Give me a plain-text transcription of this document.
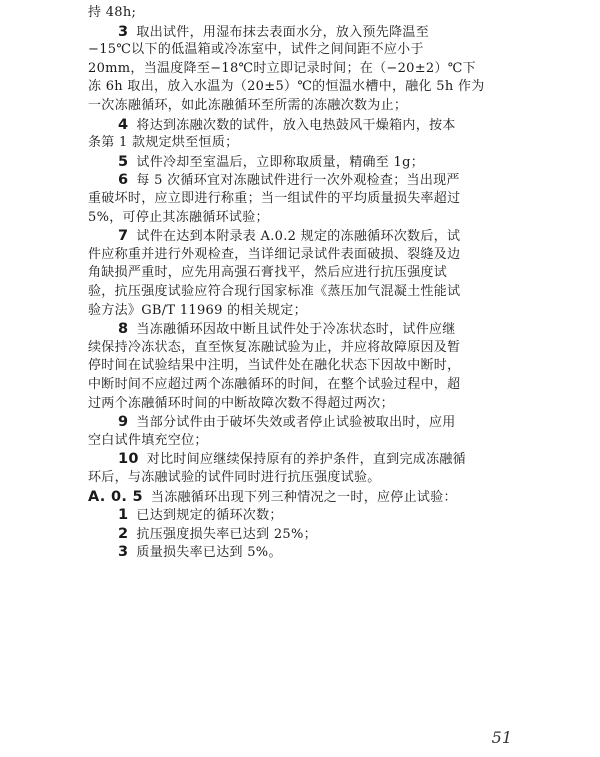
持 48h;
3 取出试件，用湿布抹去表面水分，放入预先降温至
−15℃以下的低温箱或冷冻室中，试件之间间距不应小于
20mm，当温度降至−18℃时立即记录时间；在（−20±2）℃下
冻 6h 取出，放入水温为（20±5）℃的恒温水槽中，融化 5h 作为
一次冻融循环，如此冻融循环至所需的冻融次数为止；
4 将达到冻融次数的试件，放入电热鼓风干燥箱内，按本
条第 1 款规定烘至恒质；
5 试件冷却至室温后，立即称取质量，精确至 1g；
6 每 5 次循环宜对冻融试件进行一次外观检查；当出现严
重破坏时，应立即进行称重；当一组试件的平均质量损失率超过
5%，可停止其冻融循环试验；
7 试件在达到本附录表 A.0.2 规定的冻融循环次数后，试
件应称重并进行外观检查，当详细记录试件表面破损、裂缝及边
角缺损严重时，应先用高强石膏找平，然后应进行抗压强度试
验，抗压强度试验应符合现行国家标准《蒸压加气混凝土性能试
验方法》GB/T 11969 的相关规定；
8 当冻融循环因故中断且试件处于冷冻状态时，试件应继
续保持冷冻状态，直至恢复冻融试验为止，并应将故障原因及暂
停时间在试验结果中注明，当试件处在融化状态下因故中断时，
中断时间不应超过两个冻融循环的时间，在整个试验过程中，超
过两个冻融循环时间的中断故障次数不得超过两次；
9 当部分试件由于破坏失效或者停止试验被取出时，应用
空白试件填充空位；
10 对比时间应继续保持原有的养护条件，直到完成冻融循
环后，与冻融试验的试件同时进行抗压强度试验。
51
A. 0. 5 当冻融循环出现下列三种情况之一时，应停止试验：
1 已达到规定的循环次数；
2 抗压强度损失率已达到 25%；
3 质量损失率已达到 5%。
